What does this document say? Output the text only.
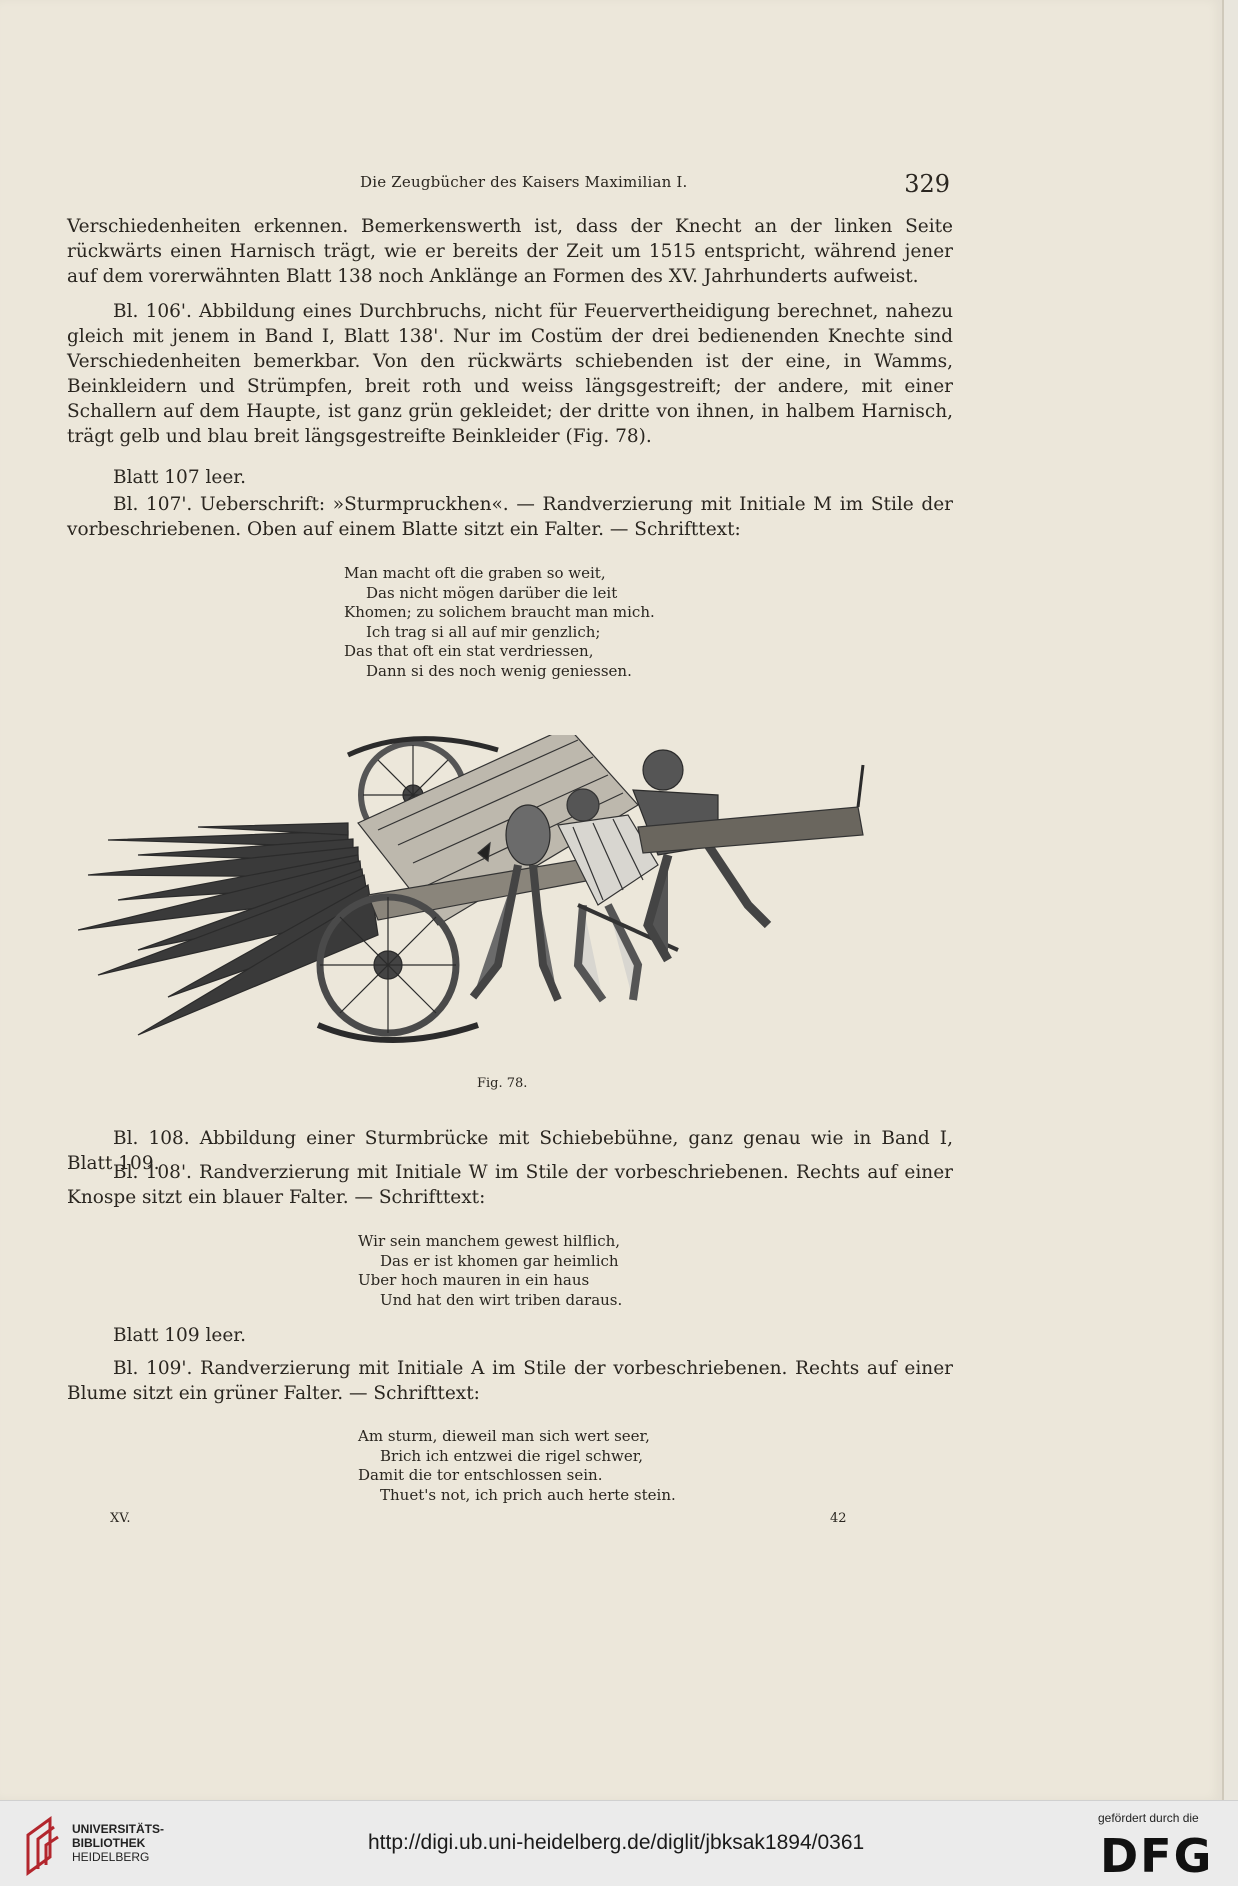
Die Zeugbücher des Kaisers Maximilian I.	329
Verschiedenheiten erkennen. Bemerkenswerth ist, dass der Knecht an der linken Seite rückwärts einen Harnisch trägt, wie er bereits der Zeit um 1515 entspricht, während jener auf dem vorerwähnten Blatt 138 noch Anklänge an Formen des XV. Jahrhunderts aufweist.
Bl. 106'. Abbildung eines Durchbruchs, nicht für Feuervertheidigung berechnet, nahezu gleich mit jenem in Band I, Blatt 138'. Nur im Costüm der drei bedienenden Knechte sind Verschiedenheiten bemerkbar. Von den rückwärts schiebenden ist der eine, in Wamms, Beinkleidern und Strümpfen, breit roth und weiss längsgestreift; der andere, mit einer Schallern auf dem Haupte, ist ganz grün gekleidet; der dritte von ihnen, in halbem Harnisch, trägt gelb und blau breit längsgestreifte Beinkleider (Fig. 78).
Blatt 107 leer.
Bl. 107'. Ueberschrift: »Sturmpruckhen«. — Randverzierung mit Initiale M im Stile der vorbeschriebenen. Oben auf einem Blatte sitzt ein Falter. — Schrifttext:
Man macht oft die graben so weit,
Das nicht mögen darüber die leit
Khomen; zu solichem braucht man mich.
Ich trag si all auf mir genzlich;
Das that oft ein stat verdriessen,
Dann si des noch wenig geniessen.
Fig. 78.
Bl. 108. Abbildung einer Sturmbrücke mit Schiebebühne, ganz genau wie in Band I, Blatt 109.
Bl. 108'. Randverzierung mit Initiale W im Stile der vorbeschriebenen. Rechts auf einer Knospe sitzt ein blauer Falter. — Schrifttext:
Wir sein manchem gewest hilflich,
Das er ist khomen gar heimlich
Uber hoch mauren in ein haus
Und hat den wirt triben daraus.
Blatt 109 leer.
Bl. 109'. Randverzierung mit Initiale A im Stile der vorbeschriebenen. Rechts auf einer Blume sitzt ein grüner Falter. — Schrifttext:
Am sturm, dieweil man sich wert seer,
Brich ich entzwei die rigel schwer,
Damit die tor entschlossen sein.
Thuet's not, ich prich auch herte stein.
XV.	42
UNIVERSITÄTS-
BIBLIOTHEK
HEIDELBERG
http://digi.ub.uni-heidelberg.de/diglit/jbksak1894/0361
gefördert durch die
DFG
